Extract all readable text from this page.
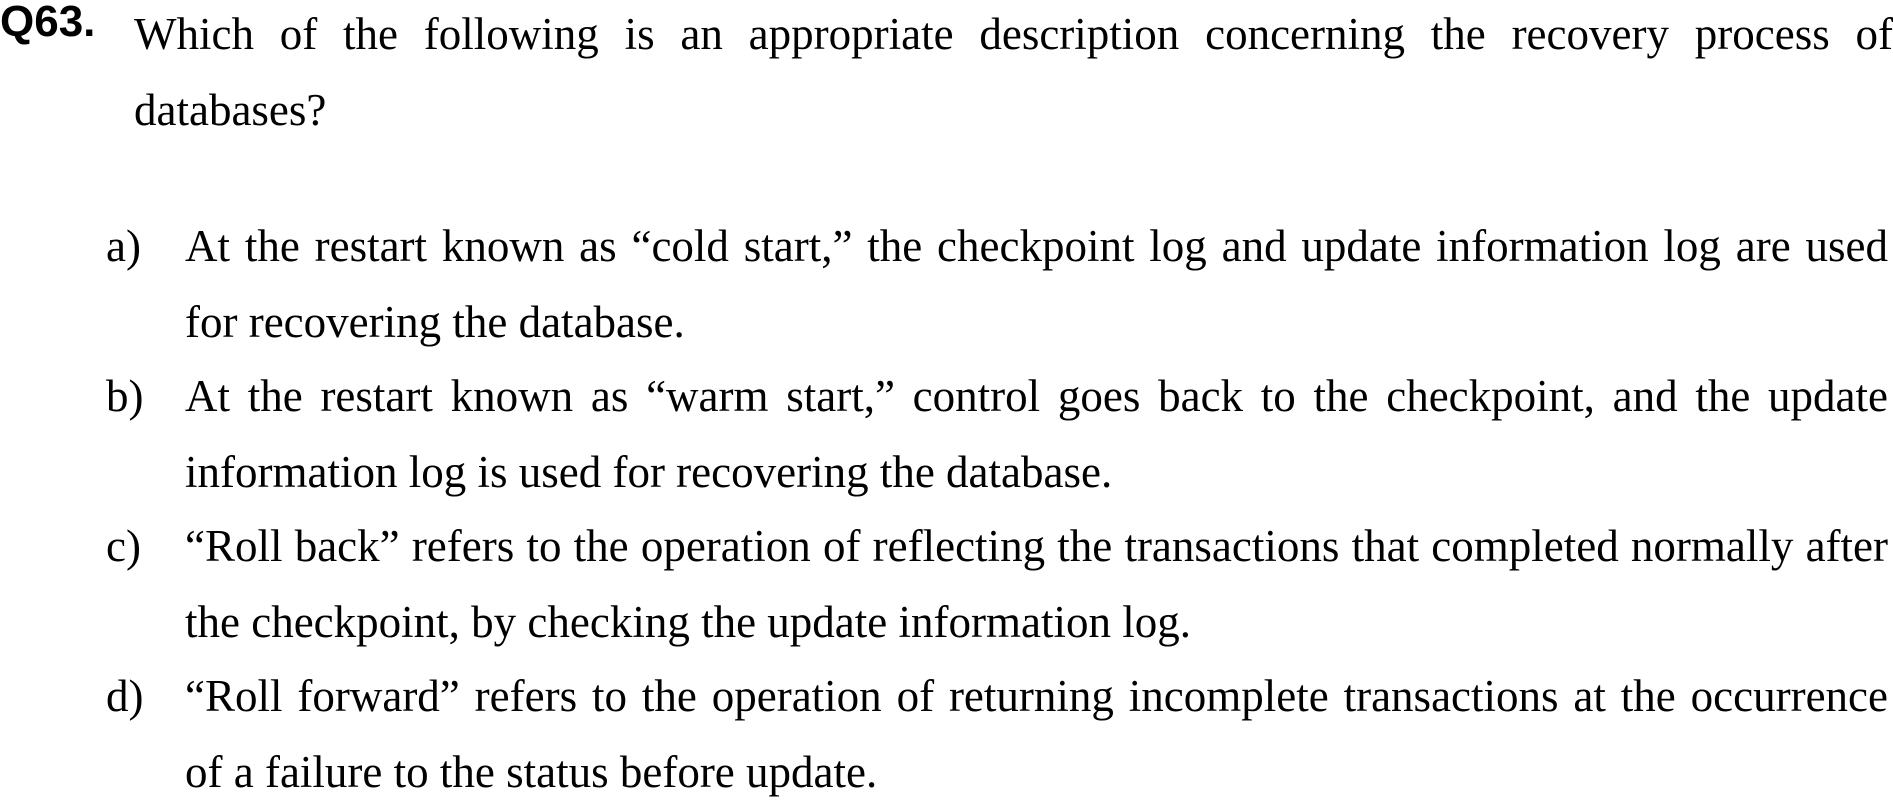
Q63. Which of the following is an appropriate description concerning the recovery process of databases?
a) At the restart known as “cold start,” the checkpoint log and update information log are used for recovering the database.
b) At the restart known as “warm start,” control goes back to the checkpoint, and the update information log is used for recovering the database.
c) “Roll back” refers to the operation of reflecting the transactions that completed normally after the checkpoint, by checking the update information log.
d) “Roll forward” refers to the operation of returning incomplete transactions at the occurrence of a failure to the status before update.
